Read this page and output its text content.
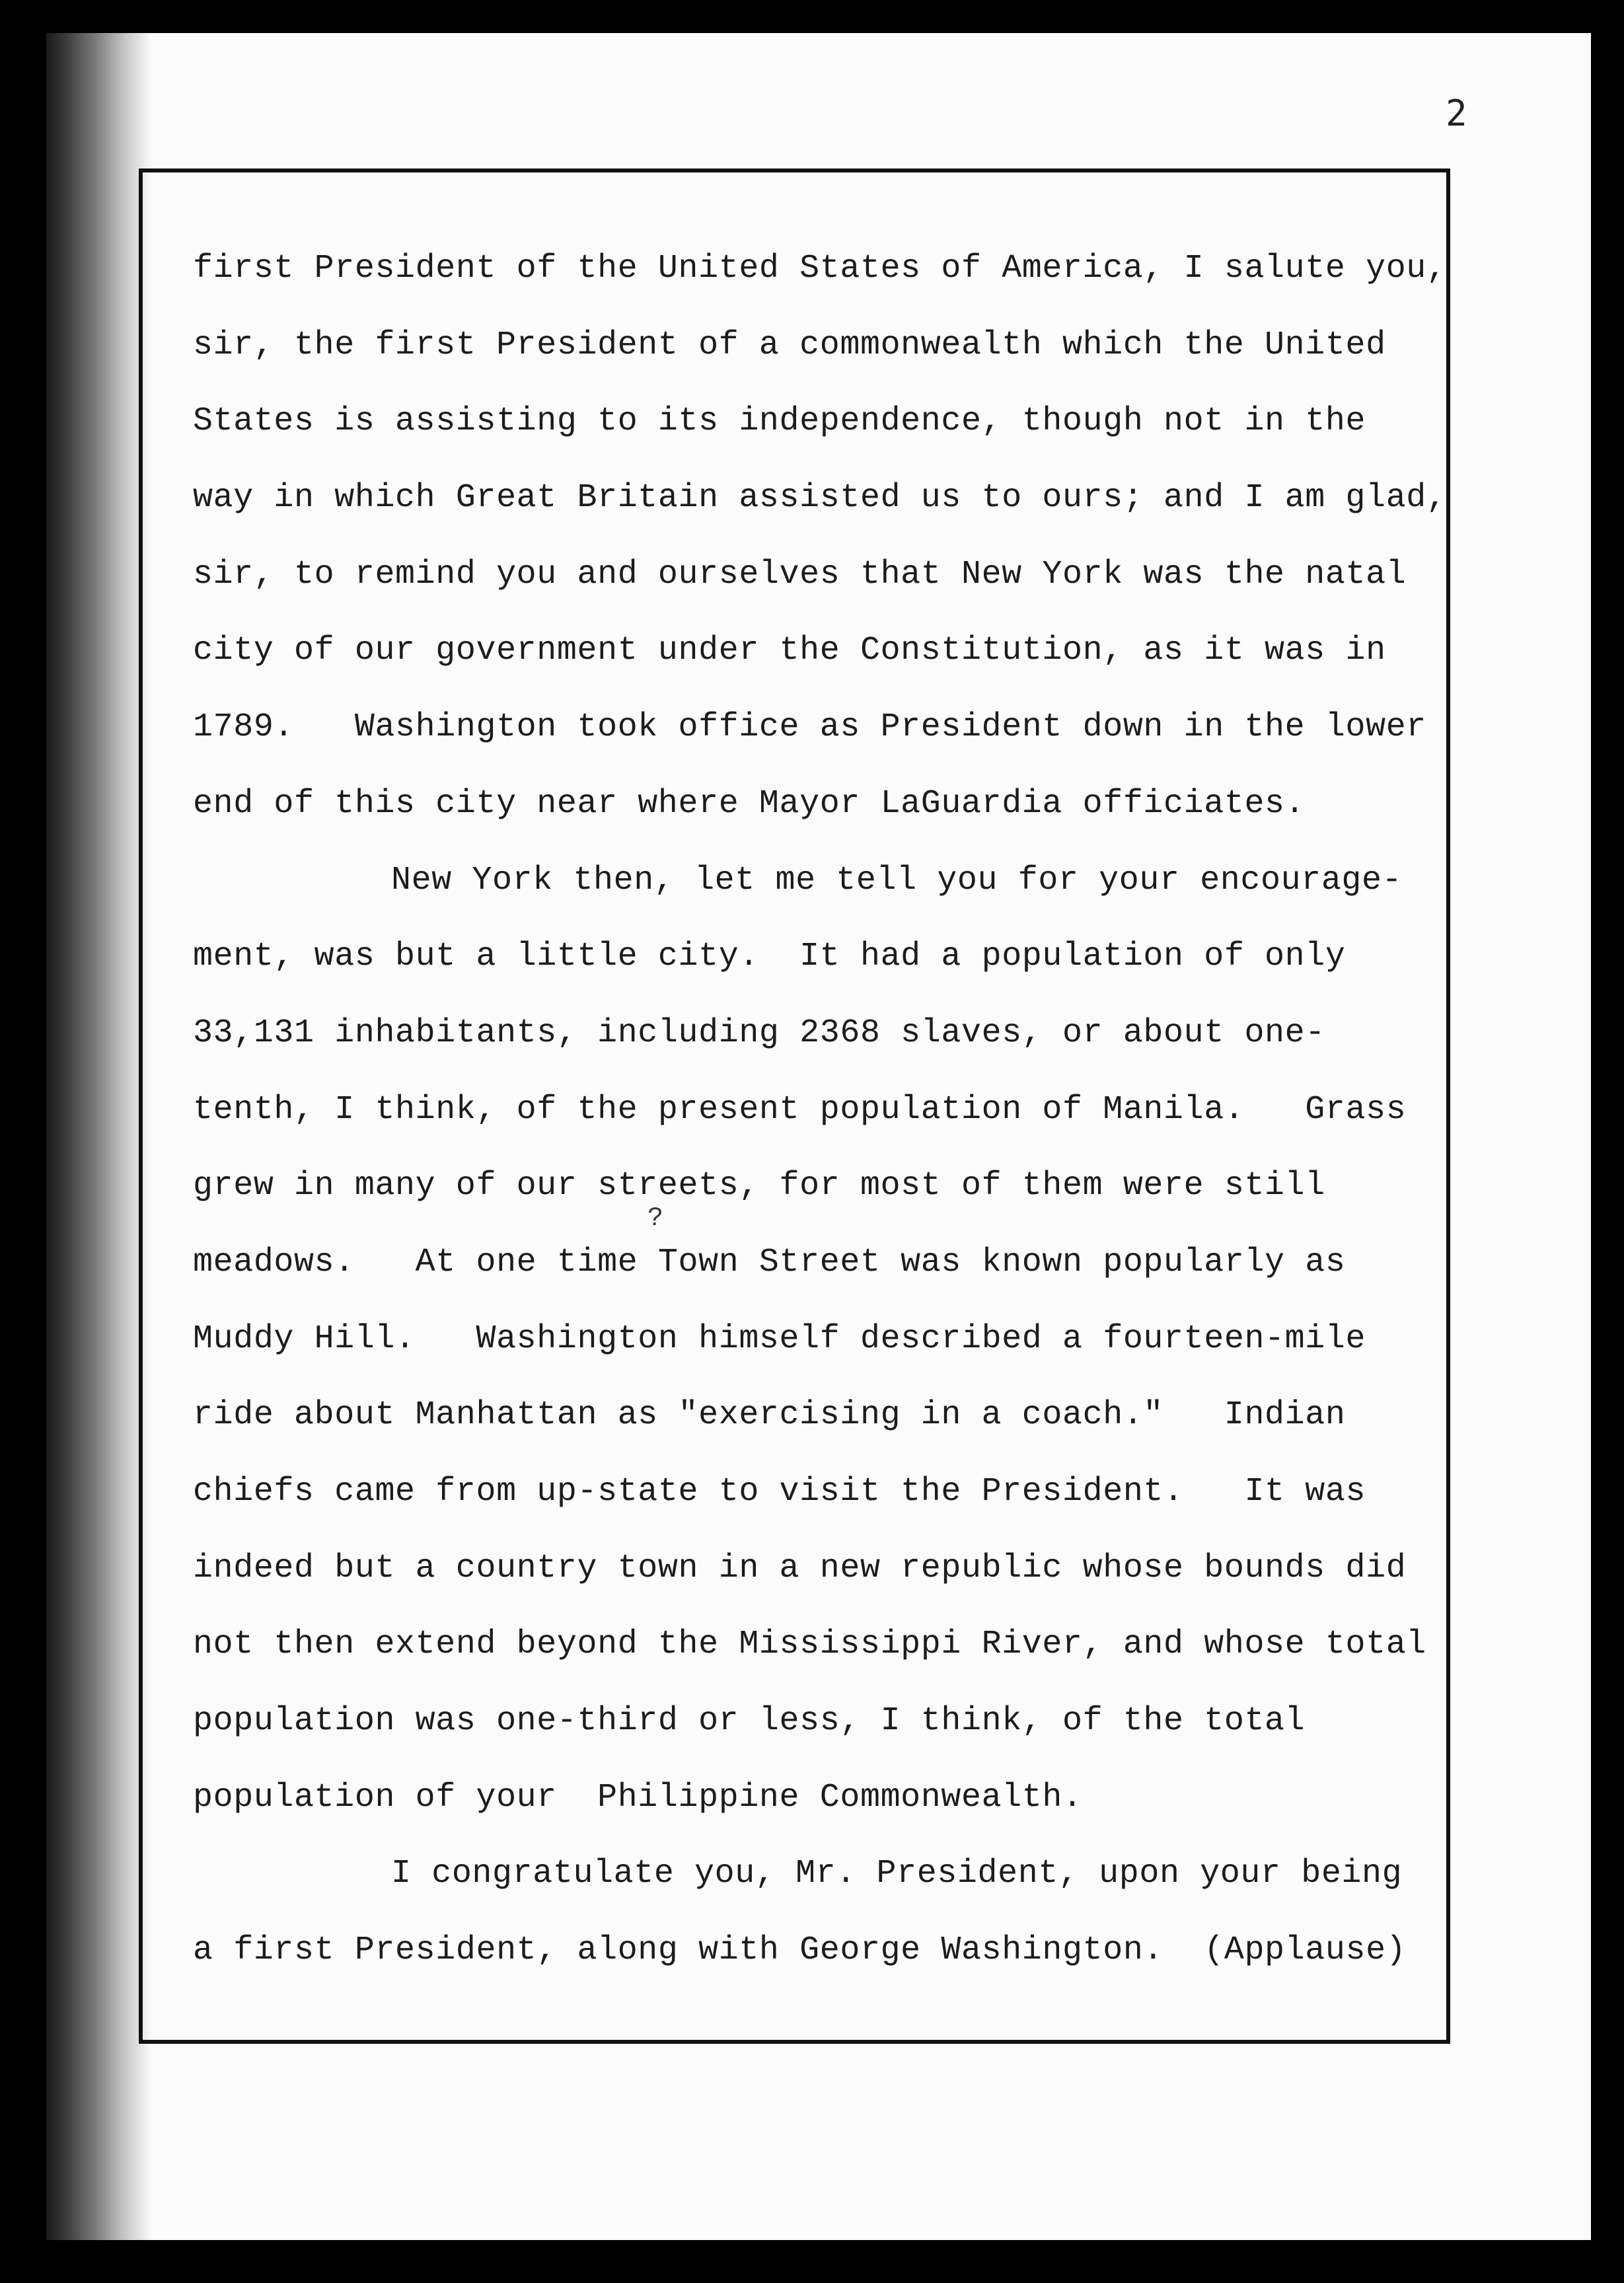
2
?
first President of the United States of America, I salute you,
sir, the first President of a commonwealth which the United
States is assisting to its independence, though not in the
way in which Great Britain assisted us to ours; and I am glad,
sir, to remind you and ourselves that New York was the natal
city of our government under the Constitution, as it was in
1789.   Washington took office as President down in the lower
end of this city near where Mayor LaGuardia officiates.
New York then, let me tell you for your encourage-
ment, was but a little city.  It had a population of only
33,131 inhabitants, including 2368 slaves, or about one-
tenth, I think, of the present population of Manila.   Grass
grew in many of our streets, for most of them were still
meadows.   At one time Town Street was known popularly as
Muddy Hill.   Washington himself described a fourteen-mile
ride about Manhattan as "exercising in a coach."   Indian
chiefs came from up-state to visit the President.   It was
indeed but a country town in a new republic whose bounds did
not then extend beyond the Mississippi River, and whose total
population was one-third or less, I think, of the total
population of your  Philippine Commonwealth.
I congratulate you, Mr. President, upon your being
a first President, along with George Washington.  (Applause)
